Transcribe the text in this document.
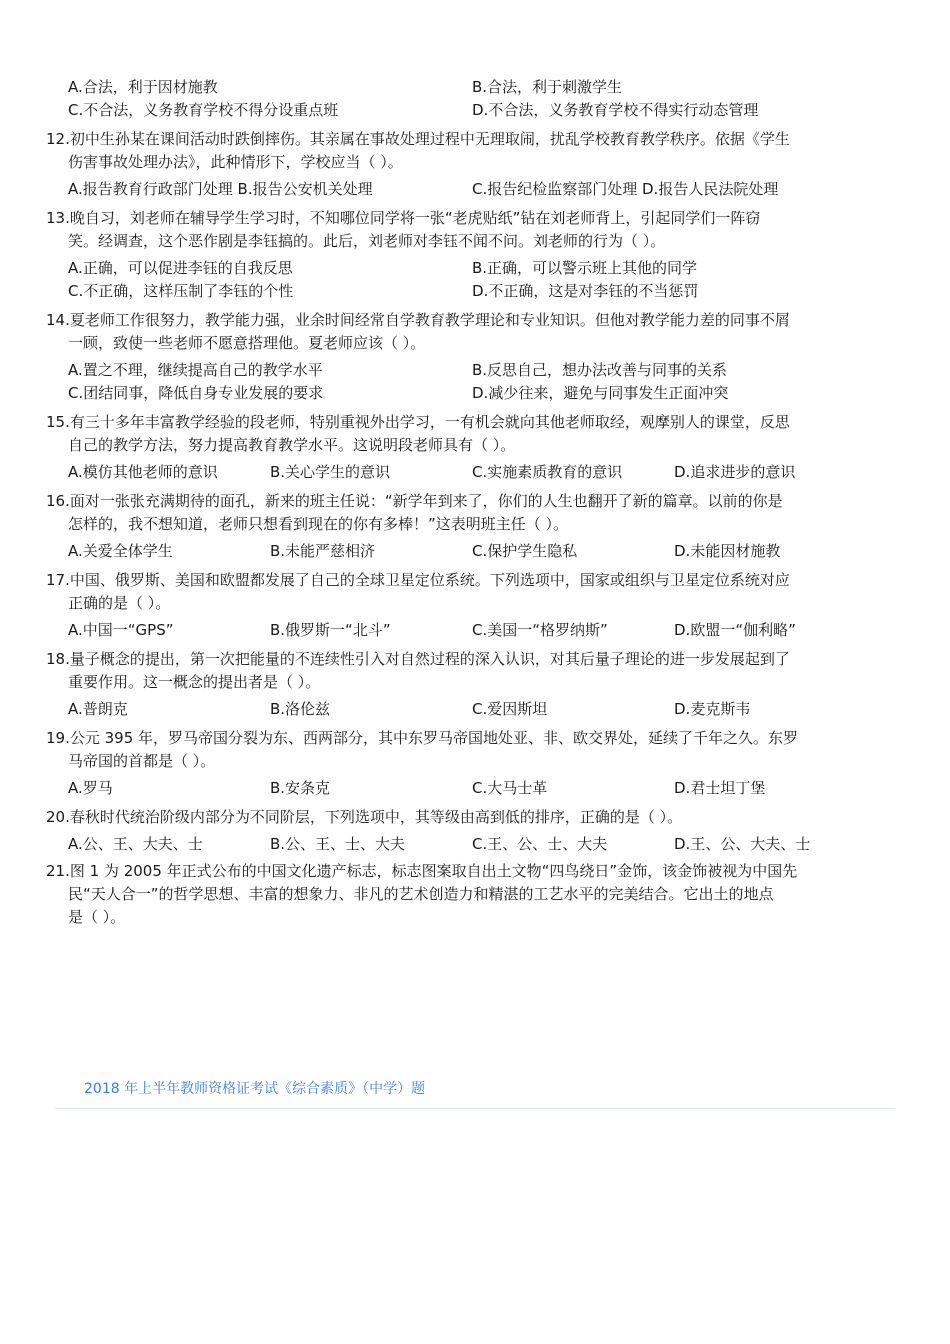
A.合法，利于因材施教	B.合法，利于刺激学生
C.不合法，义务教育学校不得分设重点班	D.不合法，义务教育学校不得实行动态管理
12.初中生孙某在课间活动时跌倒摔伤。其亲属在事故处理过程中无理取闹，扰乱学校教育教学秩序。依据《学生
伤害事故处理办法》，此种情形下，学校应当（ ）。
A.报告教育行政部门处理 B.报告公安机关处理	C.报告纪检监察部门处理 D.报告人民法院处理
13.晚自习，刘老师在辅导学生学习时，不知哪位同学将一张“老虎贴纸”钻在刘老师背上，引起同学们一阵窃
笑。经调查，这个恶作剧是李钰搞的。此后，刘老师对李钰不闻不问。刘老师的行为（ ）。
A.正确，可以促进李钰的自我反思	B.正确，可以警示班上其他的同学
C.不正确，这样压制了李钰的个性	D.不正确，这是对李钰的不当惩罚
14.夏老师工作很努力，教学能力强，业余时间经常自学教育教学理论和专业知识。但他对教学能力差的同事不屑
一顾，致使一些老师不愿意搭理他。夏老师应该（ ）。
A.置之不理，继续提高自己的教学水平	B.反思自己，想办法改善与同事的关系
C.团结同事，降低自身专业发展的要求	D.减少往来，避免与同事发生正面冲突
15.有三十多年丰富教学经验的段老师，特别重视外出学习，一有机会就向其他老师取经，观摩别人的课堂，反思
自己的教学方法，努力提高教育教学水平。这说明段老师具有（ ）。
A.模仿其他老师的意识	B.关心学生的意识	C.实施素质教育的意识	D.追求进步的意识
16.面对一张张充满期待的面孔，新来的班主任说：“新学年到来了，你们的人生也翻开了新的篇章。以前的你是
怎样的，我不想知道，老师只想看到现在的你有多棒！”这表明班主任（ ）。
A.关爱全体学生	B.未能严慈相济	C.保护学生隐私	D.未能因材施教
17.中国、俄罗斯、美国和欧盟都发展了自己的全球卫星定位系统。下列选项中，国家或组织与卫星定位系统对应
正确的是（ ）。
A.中国一“GPS”	B.俄罗斯一“北斗”	C.美国一“格罗纳斯”	D.欧盟一“伽利略”
18.量子概念的提出，第一次把能量的不连续性引入对自然过程的深入认识，对其后量子理论的进一步发展起到了
重要作用。这一概念的提出者是（ ）。
A.普朗克	B.洛伦兹	C.爱因斯坦	D.麦克斯韦
19.公元 395 年，罗马帝国分裂为东、西两部分，其中东罗马帝国地处亚、非、欧交界处，延续了千年之久。东罗
马帝国的首都是（ ）。
A.罗马	B.安条克	C.大马士革	D.君士坦丁堡
20.春秋时代统治阶级内部分为不同阶层，下列选项中，其等级由高到低的排序，正确的是（ ）。
A.公、王、大夫、士	B.公、王、士、大夫	C.王、公、士、大夫	D.王、公、大夫、士
21.图 1 为 2005 年正式公布的中国文化遗产标志，标志图案取自出土文物“四鸟绕日”金饰，该金饰被视为中国先
民“天人合一”的哲学思想、丰富的想象力、非凡的艺术创造力和精湛的工艺水平的完美结合。它出土的地点
是（ ）。
2018 年上半年教师资格证考试《综合素质》（中学）题
